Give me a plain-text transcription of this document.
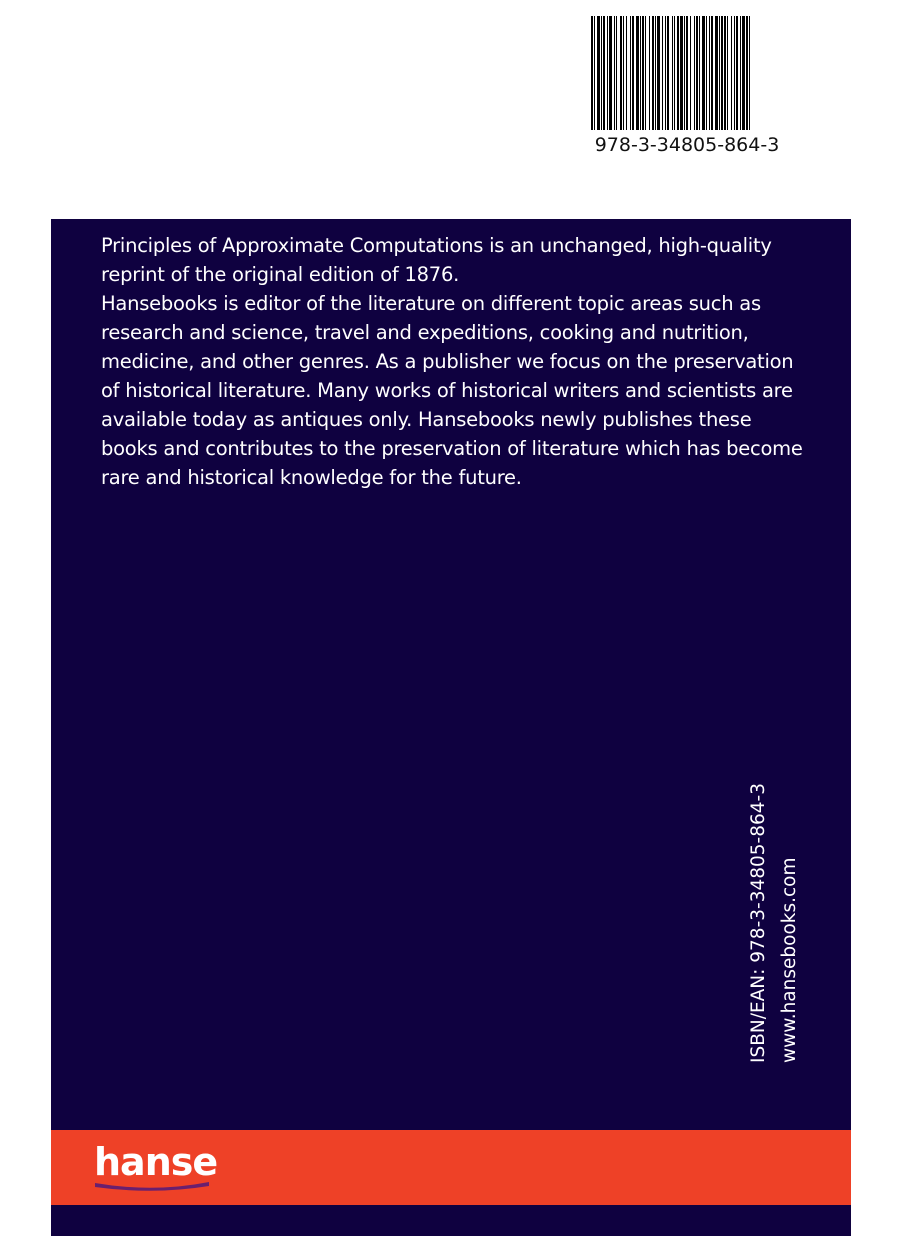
978-3-34805-864-3

Principles of Approximate Computations is an unchanged, high-quality reprint of the original edition of 1876.

Hansebooks is editor of the literature on different topic areas such as research and science, travel and expeditions, cooking and nutrition, medicine, and other genres. As a publisher we focus on the preservation of historical literature. Many works of historical writers and scientists are available today as antiques only. Hansebooks newly publishes these books and contributes to the preservation of literature which has become rare and historical knowledge for the future.

ISBN/EAN: 978-3-34805-864-3 www.hansebooks.com
hanse
